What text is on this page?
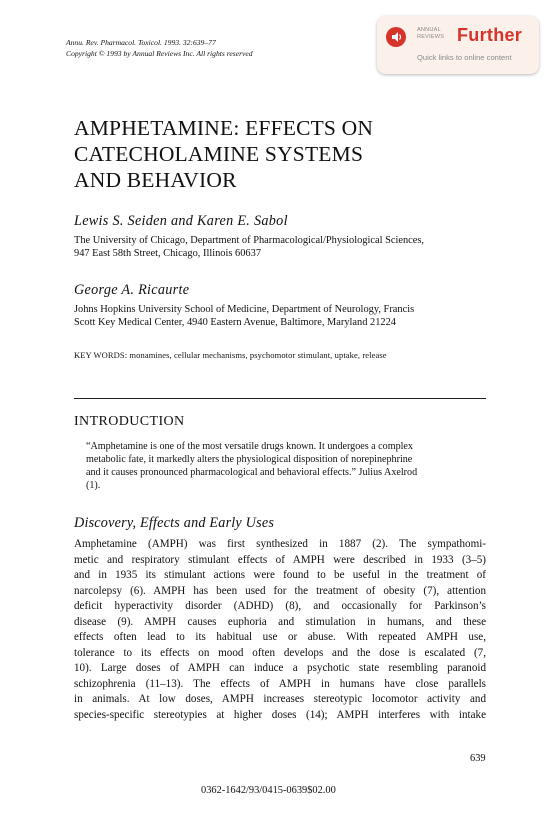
Annu. Rev. Pharmacol. Toxicol. 1993. 32:639–77
Copyright © 1993 by Annual Reviews Inc. All rights reserved
ANNUAL
REVIEWS Further
Quick links to online content
AMPHETAMINE: EFFECTS ON
CATECHOLAMINE SYSTEMS
AND BEHAVIOR
Lewis S. Seiden and Karen E. Sabol
The University of Chicago, Department of Pharmacological/Physiological Sciences,
947 East 58th Street, Chicago, Illinois 60637
George A. Ricaurte
Johns Hopkins University School of Medicine, Department of Neurology, Francis
Scott Key Medical Center, 4940 Eastern Avenue, Baltimore, Maryland 21224
KEY WORDS: monamines, cellular mechanisms, psychomotor stimulant, uptake, release
INTRODUCTION
“Amphetamine is one of the most versatile drugs known. It undergoes a complex
metabolic fate, it markedly alters the physiological disposition of norepinephrine
and it causes pronounced pharmacological and behavioral effects.” Julius Axelrod
(1).
Discovery, Effects and Early Uses
Amphetamine (AMPH) was first synthesized in 1887 (2). The sympathomi-
metic and respiratory stimulant effects of AMPH were described in 1933 (3–5)
and in 1935 its stimulant actions were found to be useful in the treatment of
narcolepsy (6). AMPH has been used for the treatment of obesity (7), attention
deficit hyperactivity disorder (ADHD) (8), and occasionally for Parkinson’s
disease (9). AMPH causes euphoria and stimulation in humans, and these
effects often lead to its habitual use or abuse. With repeated AMPH use,
tolerance to its effects on mood often develops and the dose is escalated (7,
10). Large doses of AMPH can induce a psychotic state resembling paranoid
schizophrenia (11–13). The effects of AMPH in humans have close parallels
in animals. At low doses, AMPH increases stereotypic locomotor activity and
species-specific stereotypies at higher doses (14); AMPH interferes with intake
639
0362-1642/93/0415-0639$02.00
